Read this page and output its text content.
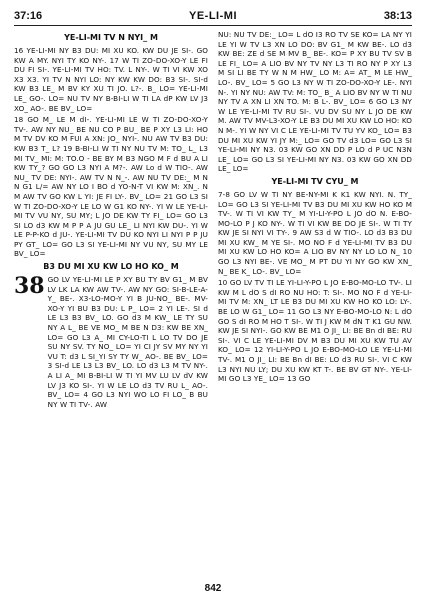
37:16	YE-LI-MI	38:13
YE-LI-MI TV N NYI_ M

16 YE-LI-MI NY B3 DU: MI XU KO. KW DU JE SI-. GO KW A MY. NYI TY KO NY-. 17 W TI ZO-DO-XO-Y LE FI DU FI SI-. YE-LI-MI TV HO: TV. L NY-. W TI VI KW XO X3 X3. YI TV N NYI LO: NY KW KW DO: B3 SI-. SI-d KW B3 LE_ M BV KY XU TI JO. L?-. B_ LO= YE-LI-MI LE_ GO-. LO= NU TV NY B-BI-LI W TI LA dP KW LV J3 XO_ AO-. BE BV_ LO=

18 GO M_ LE M dI-. YE-LI-MI LE W TI ZO-DO-XO-Y TV-. AW NY NU_ BE NU CO P BU_ BE P XY L3 LI: HO M TV DV KO M FUI A XN: JO_ NYI-. NU AW TV B3 DU: KW B3 T_ L? 19 B-BI-LI W TI NY NU TV M: TO_ L_ L3 MI TV_ MI: M: TO.O - BE BY M B3 NGO M F d BU A LI KW TY_? GO GO L3 NYI A M?-. AW Lo d W TIO-. AW NU_ TV DE: NYI-. AW TV N N_-. AW NU TV DE:_ M N N G1 L/= AW NY LO I BO d YO-N-T VI KW M: XN_. N M AW TV GO KW L YI: JE FI LY-. BV_ LO= 21 GO L3 SI W TI ZO-DO-XO-Y LE LO W G1 KO NY-. YI W LE YE-LI-MI TV VU NY, SU MY; L JO DE KW TY FI_ LO= GO L3 SI LO d3 KW M P P A JU GU LE_ LI NYI KW DU-. YI W LE P-P-KO d JU-. YE-LI-MI TV DU KO NYI LI NYI P P JU PY GT_ LO= GO L3 SI YE-LI-MI NY VU NY, SU MY LE BV_ LO=

B3 DU MI XU KW LO HO KO_ M
38 GO LV YE-LI-MI LE P XY BU TY BV G1_ M BV LV LK LA KW AW TV-. AW NY GO: SI-B-LE-A-Y_ BE-. X3-LO-MO-Y YI B JU-NO_ BE-. MV-XO-Y YI BU B3 DU: L P_ LO= 2 YI LE-. SI d LE L3 B3 BV_ LO. GO d3 M KW_ LE TY SU NY A L_ BE VE MO_ M BE N D3: KW BE XN_ LO= GO L3 A_ MI CY-LO-TI L LO TV DO JE SU NY SV. TY NO_ LO= YI CI JY SV MY NY YI VU T: d3 L SI_YI SY TY W_ AO-. BE BV_ LO= 3 SI-d LE L3 L3 BV_ LO. LO d3 L3 M TV NY-. A LI A_ MI B-BI-LI W TI YI MV LU LV dV KW LV J3 KO SI-. YI W LE LO d3 TV RU L_ AO-. BV_ LO= 4 GO L3 NYI WO LO FI LO_ B BU NY W TI TV-. AW

NU: NU TV DE:_ LO= L dO I3 RO TV SE KO= LA NY YI LE YI W TV L3 XN LO DO: BV G1_ M KW BE-. LO d3 KW BE: ZE d SE M MV B_ BE-. KO= P XY BU TV SV B LE FI_ LO= A LIO BV NY TV NY L3 TI RO NY P XY L3 M SI LI BE TY W N M HW_ LO M: A= AT_ M LE HW_ LO-. BV_ LO= 5 GO L3 NY W TI ZO-DO-XO-Y LE-. NYI N-. YI NY NU: AW TV: M: TO_ B_ A LIO BV NY W TI NU NY TV A XN LI XN TO. M: B L-. BV_ LO= 6 GO L3 NY W LE YE-LI-MI TV RU SI-. VU DV SU NY L JO DE KW M. AW TV MV-L3-XO-Y LE B3 DU MI XU KW LO HO: KO N M-. YI W NY VI C LE YE-LI-MI TV TU YV KO_ LO= B3 DU MI XU KW YI JY M:_ LO= GO TV d3 LO= GO L3 SI YE-LI-MI NY N3. 03 KW GO XN DD P LO d P UC N3N LE_ LO= GO L3 SI YE-LI-MI NY N3. 03 KW GO XN DD LE_ LO=

YE-LI-MI TV CYU_ M

7-8 GO LV W TI NY BE-NY-MI K K1 KW NYI. N. TY_ LO= GO L3 SI YE-LI-MI TV B3 DU MI XU KW HO KO M TV-. W TI VI KW TY_ M YI-LI-Y-PO L JO dO N. E-BO-MO-LO P J KO NY-. W TI VI KW BE DO JE SI-. W TI TY KW JE SI NYI VI TY-. 9 AW S3 d W TIO-. LO d3 B3 DU MI XU KW_ M YE SI-. MO NO F d YE-LI-MI TV B3 DU MI XU KW LO HO KO= A LIO BV NY NY LO LO N_ 10 GO L3 NYI BE-. VE MO_ M PT DU YI NY GO KW XN_ N_ BE K_ LO-. BV_ LO=

10 GO LV TV TI LE YI-LI-Y-PO L JO E-BO-MO-LO TV-. LI KW M L dO S dI RO NU HO: T: SI-. MO NO F d YE-LI-MI TV M: XN_ LT LE B3 DU MI XU KW HO KO LO: LY-. BE LO W G1_ LO= 11 GO L3 NY E-BO-MO-LO N: L dO GO S dI RO M HO T SI-. W TI J KW M dN T K1 GU NW. KW JE SI NYI-. GO KW BE M1 O JI_ LI: BE Bn dI BE: RU SI-. VI C LE YE-LI-MI DV M B3 DU MI XU KW TU AV KO_ LO= 12 YI-LI-Y-PO L JO E-BO-MO-LO LE YE-LI-MI TV-. M1 O JI_ LI: BE Bn dI BE: LO d3 RU SI-. VI C KW L3 NYI NU LY; DU XU KW KT T-. BE BV GT NY-. YE-LI-MI GO L3 YE_ LO= 13 GO

842
